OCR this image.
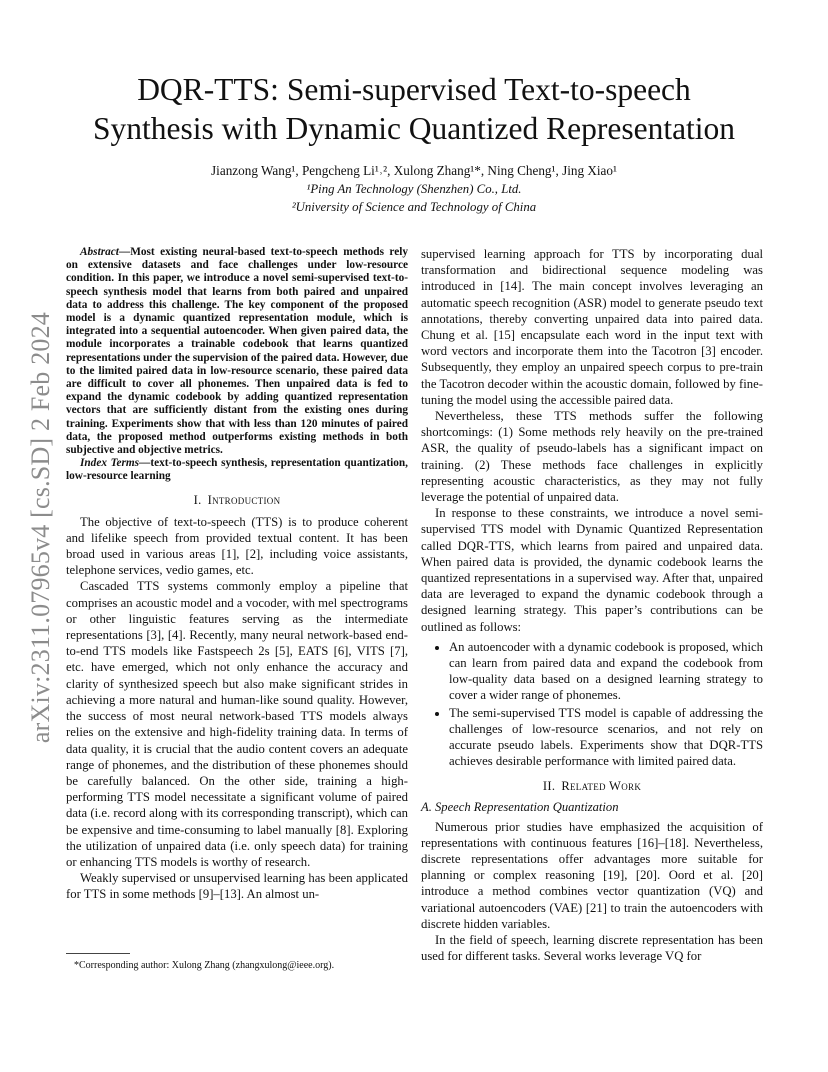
arXiv:2311.07965v4 [cs.SD] 2 Feb 2024
DQR-TTS: Semi-supervised Text-to-speech
Synthesis with Dynamic Quantized Representation
Jianzong Wang¹, Pengcheng Li¹˒², Xulong Zhang¹*, Ning Cheng¹, Jing Xiao¹
¹Ping An Technology (Shenzhen) Co., Ltd.
²University of Science and Technology of China

Abstract—Most existing neural-based text-to-speech methods rely on extensive datasets and face challenges under low-resource condition. In this paper, we introduce a novel semi-supervised text-to-speech synthesis model that learns from both paired and unpaired data to address this challenge. The key component of the proposed model is a dynamic quantized representation module, which is integrated into a sequential autoencoder. When given paired data, the module incorporates a trainable codebook that learns quantized representations under the supervision of the paired data. However, due to the limited paired data in low-resource scenario, these paired data are difficult to cover all phonemes. Then unpaired data is fed to expand the dynamic codebook by adding quantized representation vectors that are sufficiently distant from the existing ones during training. Experiments show that with less than 120 minutes of paired data, the proposed method outperforms existing methods in both subjective and objective metrics.

Index Terms—text-to-speech synthesis, representation quantization, low-resource learning

I. Introduction

The objective of text-to-speech (TTS) is to produce coherent and lifelike speech from provided textual content. It has been broad used in various areas [1], [2], including voice assistants, telephone services, vedio games, etc.

Cascaded TTS systems commonly employ a pipeline that comprises an acoustic model and a vocoder, with mel spectrograms or other linguistic features serving as the intermediate representations [3], [4]. Recently, many neural network-based end-to-end TTS models like Fastspeech 2s [5], EATS [6], VITS [7], etc. have emerged, which not only enhance the accuracy and clarity of synthesized speech but also make significant strides in achieving a more natural and human-like sound quality. However, the success of most neural network-based TTS models always relies on the extensive and high-fidelity training data. In terms of data quality, it is crucial that the audio content covers an adequate range of phonemes, and the distribution of these phonemes should be carefully balanced. On the other side, training a high-performing TTS model necessitate a significant volume of paired data (i.e. record along with its corresponding transcript), which can be expensive and time-consuming to label manually [8]. Exploring the utilization of unpaired data (i.e. only speech data) for training or enhancing TTS models is worthy of research.

Weakly supervised or unsupervised learning has been applicated for TTS in some methods [9]–[13]. An almost un-

*Corresponding author: Xulong Zhang (zhangxulong@ieee.org).

supervised learning approach for TTS by incorporating dual transformation and bidirectional sequence modeling was introduced in [14]. The main concept involves leveraging an automatic speech recognition (ASR) model to generate pseudo text annotations, thereby converting unpaired data into paired data. Chung et al. [15] encapsulate each word in the input text with word vectors and incorporate them into the Tacotron [3] encoder. Subsequently, they employ an unpaired speech corpus to pre-train the Tacotron decoder within the acoustic domain, followed by fine-tuning the model using the accessible paired data.

Nevertheless, these TTS methods suffer the following shortcomings: (1) Some methods rely heavily on the pre-trained ASR, the quality of pseudo-labels has a significant impact on training. (2) These methods face challenges in explicitly representing acoustic characteristics, as they may not fully leverage the potential of unpaired data.

In response to these constraints, we introduce a novel semi-supervised TTS model with Dynamic Quantized Representation called DQR-TTS, which learns from paired and unpaired data. When paired data is provided, the dynamic codebook learns the quantized representations in a supervised way. After that, unpaired data are leveraged to expand the dynamic codebook through a designed learning strategy. This paper’s contributions can be outlined as follows:

• An autoencoder with a dynamic codebook is proposed, which can learn from paired data and expand the codebook from low-quality data based on a designed learning strategy to cover a wider range of phonemes.
• The semi-supervised TTS model is capable of addressing the challenges of low-resource scenarios, and not rely on accurate pseudo labels. Experiments show that DQR-TTS achieves desirable performance with limited paired data.
II. Related Work
A. Speech Representation Quantization

Numerous prior studies have emphasized the acquisition of representations with continuous features [16]–[18]. Nevertheless, discrete representations offer advantages more suitable for planning or complex reasoning [19], [20]. Oord et al. [20] introduce a method combines vector quantization (VQ) and variational autoencoders (VAE) [21] to train the autoencoders with discrete hidden variables.

In the field of speech, learning discrete representation has been used for different tasks. Several works leverage VQ for
